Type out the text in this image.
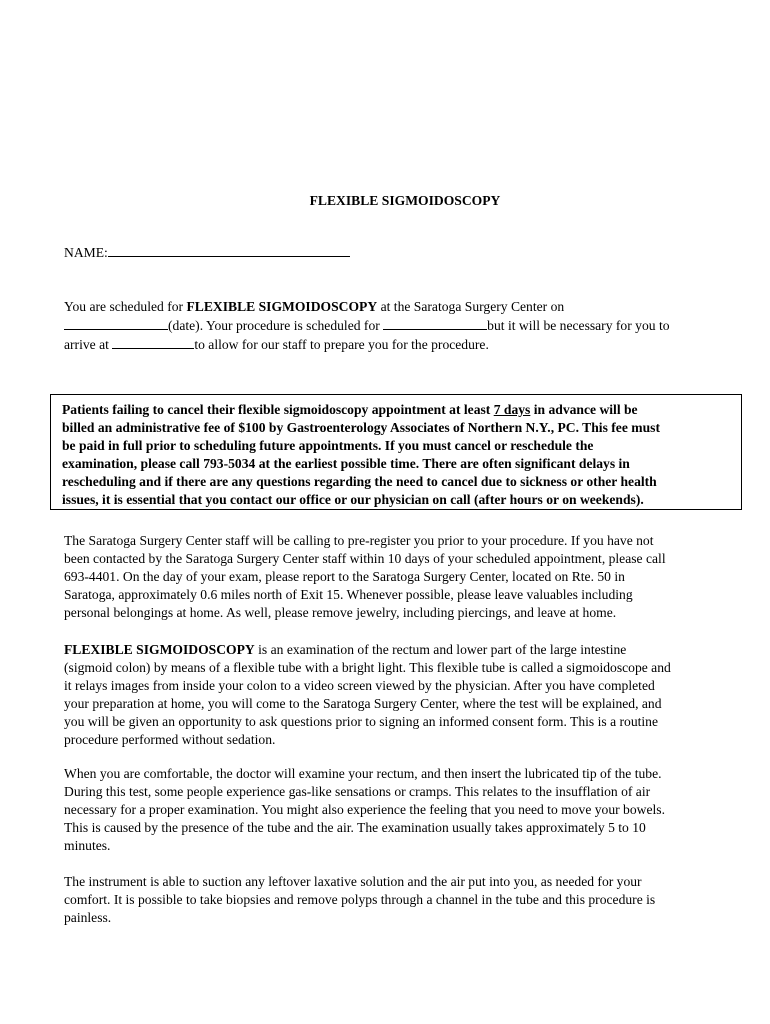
FLEXIBLE SIGMOIDOSCOPY
NAME:
You are scheduled for FLEXIBLE SIGMOIDOSCOPY at the Saratoga Surgery Center on
(date). Your procedure is scheduled for	but it will be necessary for you to
arrive at	to allow for our staff to prepare you for the procedure.
Patients failing to cancel their flexible sigmoidoscopy appointment at least 7 days in advance will be
billed an administrative fee of $100 by Gastroenterology Associates of Northern N.Y., PC. This fee must
be paid in full prior to scheduling future appointments. If you must cancel or reschedule the
examination, please call 793-5034 at the earliest possible time. There are often significant delays in
rescheduling and if there are any questions regarding the need to cancel due to sickness or other health
issues, it is essential that you contact our office or our physician on call (after hours or on weekends).
The Saratoga Surgery Center staff will be calling to pre-register you prior to your procedure. If you have not
been contacted by the Saratoga Surgery Center staff within 10 days of your scheduled appointment, please call
693-4401. On the day of your exam, please report to the Saratoga Surgery Center, located on Rte. 50 in
Saratoga, approximately 0.6 miles north of Exit 15. Whenever possible, please leave valuables including
personal belongings at home. As well, please remove jewelry, including piercings, and leave at home.
FLEXIBLE SIGMOIDOSCOPY is an examination of the rectum and lower part of the large intestine
(sigmoid colon) by means of a flexible tube with a bright light. This flexible tube is called a sigmoidoscope and
it relays images from inside your colon to a video screen viewed by the physician. After you have completed
your preparation at home, you will come to the Saratoga Surgery Center, where the test will be explained, and
you will be given an opportunity to ask questions prior to signing an informed consent form. This is a routine
procedure performed without sedation.
When you are comfortable, the doctor will examine your rectum, and then insert the lubricated tip of the tube.
During this test, some people experience gas-like sensations or cramps. This relates to the insufflation of air
necessary for a proper examination. You might also experience the feeling that you need to move your bowels.
This is caused by the presence of the tube and the air. The examination usually takes approximately 5 to 10
minutes.
The instrument is able to suction any leftover laxative solution and the air put into you, as needed for your
comfort. It is possible to take biopsies and remove polyps through a channel in the tube and this procedure is
painless.
